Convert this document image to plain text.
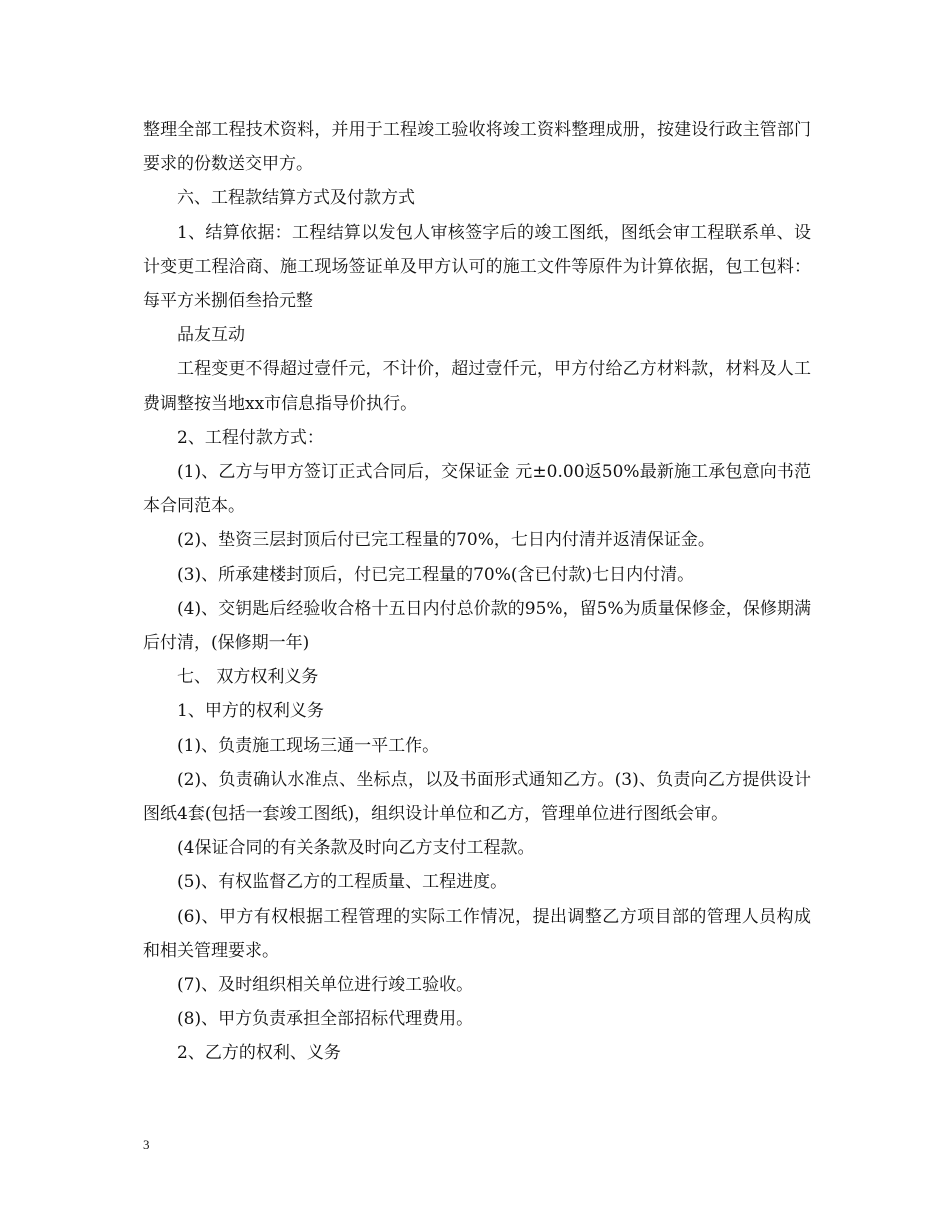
整理全部工程技术资料，并用于工程竣工验收将竣工资料整理成册，按建设行政主管部门要求的份数送交甲方。

六、工程款结算方式及付款方式

1、结算依据：工程结算以发包人审核签字后的竣工图纸，图纸会审工程联系单、设计变更工程洽商、施工现场签证单及甲方认可的施工文件等原件为计算依据，包工包料：每平方米捌佰叁拾元整

品友互动

工程变更不得超过壹仟元，不计价，超过壹仟元，甲方付给乙方材料款，材料及人工费调整按当地xx市信息指导价执行。

2、工程付款方式：

(1)、乙方与甲方签订正式合同后，交保证金 元±0.00返50%最新施工承包意向书范本合同范本。

(2)、垫资三层封顶后付已完工程量的70%，七日内付清并返清保证金。

(3)、所承建楼封顶后，付已完工程量的70%(含已付款)七日内付清。

(4)、交钥匙后经验收合格十五日内付总价款的95%，留5%为质量保修金，保修期满后付清，(保修期一年)

七、 双方权利义务

1、甲方的权利义务

(1)、负责施工现场三通一平工作。

(2)、负责确认水准点、坐标点，以及书面形式通知乙方。(3)、负责向乙方提供设计图纸4套(包括一套竣工图纸)，组织设计单位和乙方，管理单位进行图纸会审。

(4保证合同的有关条款及时向乙方支付工程款。

(5)、有权监督乙方的工程质量、工程进度。

(6)、甲方有权根据工程管理的实际工作情况，提出调整乙方项目部的管理人员构成和相关管理要求。

(7)、及时组织相关单位进行竣工验收。

(8)、甲方负责承担全部招标代理费用。

2、乙方的权利、义务

3
